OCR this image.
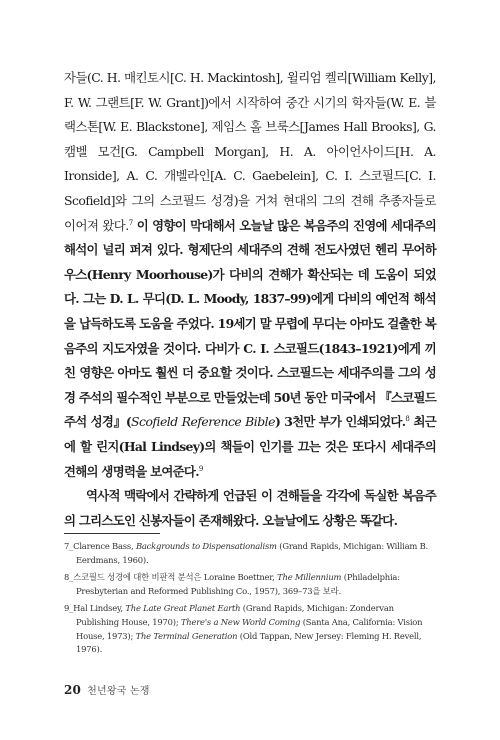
자들(C. H. 매킨토시[C. H. Mackintosh], 윌리엄 켈리[William Kelly], F. W. 그랜트[F. W. Grant])에서 시작하여 중간 시기의 학자들(W. E. 블랙스톤[W. E. Blackstone], 제임스 홀 브룩스[James Hall Brooks], G. 캠벨 모건[G. Campbell Morgan], H. A. 아이언사이드[H. A. Ironside], A. C. 개벨라인[A. C. Gaebelein], C. I. 스코필드[C. I. Scofield]와 그의 스코필드 성경)을 거쳐 현대의 그의 견해 추종자들로 이어져 왔다.$^7$ 이 영향이 막대해서 오늘날 많은 복음주의 진영에 세대주의 해석이 널리 퍼져 있다. 형제단의 세대주의 견해 전도사였던 헨리 무어하우스(Henry Moorhouse)가 다비의 견해가 확산되는 데 도움이 되었다. 그는 D. L. 무디(D. L. Moody, 1837–99)에게 다비의 예언적 해석을 납득하도록 도움을 주었다. 19세기 말 무렵에 무디는 아마도 걸출한 복음주의 지도자였을 것이다. 다비가 C. I. 스코필드(1843–1921)에게 끼친 영향은 아마도 훨씬 더 중요할 것이다. 스코필드는 세대주의를 그의 성경 주석의 필수적인 부분으로 만들었는데 50년 동안 미국에서 『스코필드 주석 성경』(Scofield Reference Bible) 3천만 부가 인쇄되었다.$^8$ 최근에 할 린지(Hal Lindsey)의 책들이 인기를 끄는 것은 또다시 세대주의 견해의 생명력을 보여준다.$^9$

역사적 맥락에서 간략하게 언급된 이 견해들을 각각에 독실한 복음주의 그리스도인 신봉자들이 존재해왔다. 오늘날에도 상황은 똑같다.

7_Clarence Bass, Backgrounds to Dispensationalism (Grand Rapids, Michigan: William B. Eerdmans, 1960).

8_스코필드 성경에 대한 비판적 분석은 Loraine Boettner, The Millennium (Philadelphia: Presbyterian and Reformed Publishing Co., 1957), 369–73을 보라.

9_Hal Lindsey, The Late Great Planet Earth (Grand Rapids, Michigan: Zondervan Publishing House, 1970); There's a New World Coming (Santa Ana, California: Vision House, 1973); The Terminal Generation (Old Tappan, New Jersey: Fleming H. Revell, 1976).

20 천년왕국 논쟁
